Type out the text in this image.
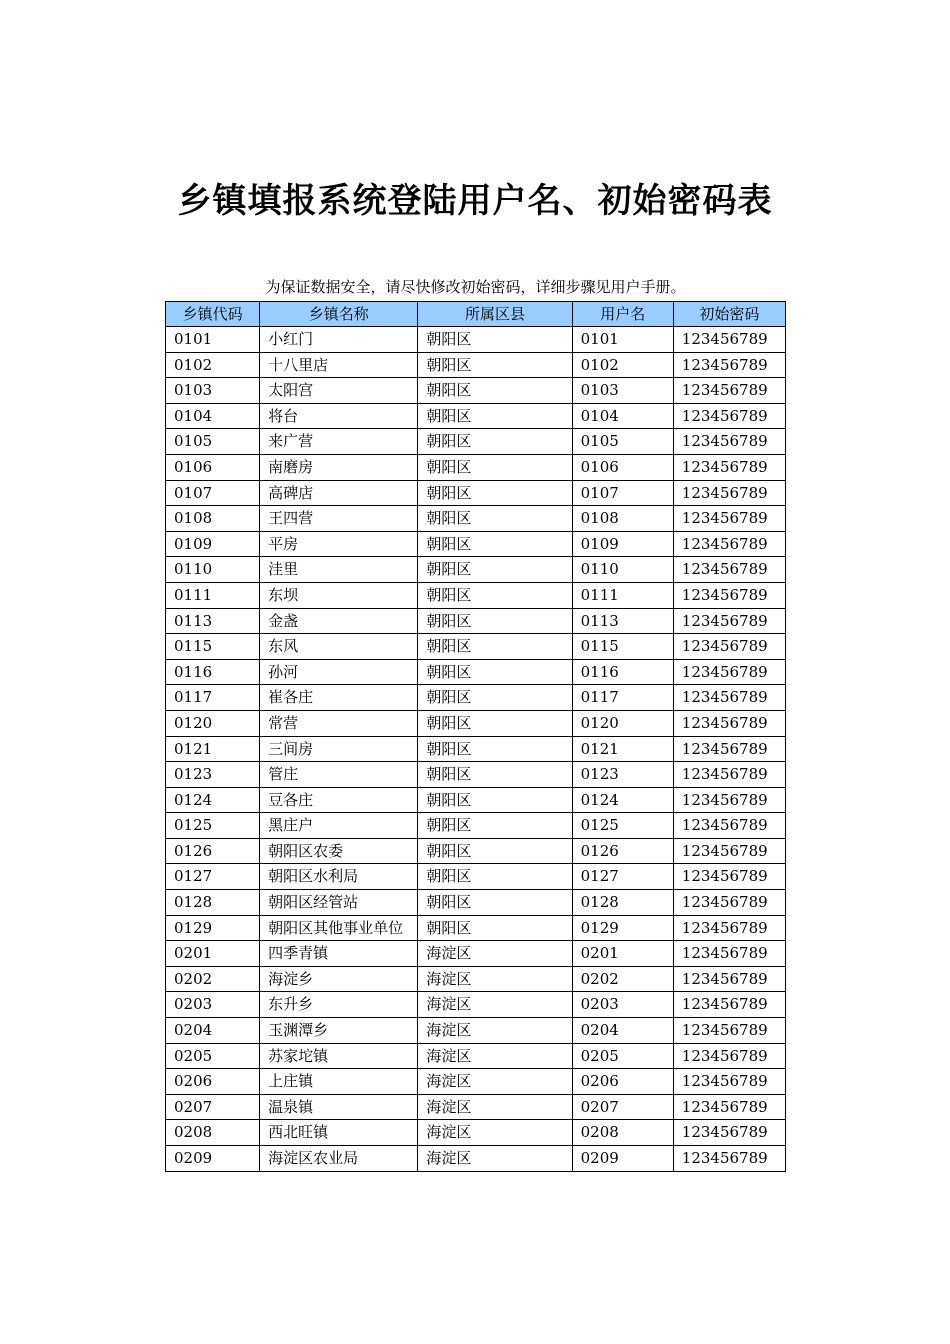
乡镇填报系统登陆用户名、初始密码表
为保证数据安全，请尽快修改初始密码，详细步骤见用户手册。
乡镇代码	乡镇名称	所属区县	用户名	初始密码
0101	小红门	朝阳区	0101	123456789
0102	十八里店	朝阳区	0102	123456789
0103	太阳宫	朝阳区	0103	123456789
0104	将台	朝阳区	0104	123456789
0105	来广营	朝阳区	0105	123456789
0106	南磨房	朝阳区	0106	123456789
0107	高碑店	朝阳区	0107	123456789
0108	王四营	朝阳区	0108	123456789
0109	平房	朝阳区	0109	123456789
0110	洼里	朝阳区	0110	123456789
0111	东坝	朝阳区	0111	123456789
0113	金盏	朝阳区	0113	123456789
0115	东风	朝阳区	0115	123456789
0116	孙河	朝阳区	0116	123456789
0117	崔各庄	朝阳区	0117	123456789
0120	常营	朝阳区	0120	123456789
0121	三间房	朝阳区	0121	123456789
0123	管庄	朝阳区	0123	123456789
0124	豆各庄	朝阳区	0124	123456789
0125	黑庄户	朝阳区	0125	123456789
0126	朝阳区农委	朝阳区	0126	123456789
0127	朝阳区水利局	朝阳区	0127	123456789
0128	朝阳区经管站	朝阳区	0128	123456789
0129	朝阳区其他事业单位	朝阳区	0129	123456789
0201	四季青镇	海淀区	0201	123456789
0202	海淀乡	海淀区	0202	123456789
0203	东升乡	海淀区	0203	123456789
0204	玉渊潭乡	海淀区	0204	123456789
0205	苏家坨镇	海淀区	0205	123456789
0206	上庄镇	海淀区	0206	123456789
0207	温泉镇	海淀区	0207	123456789
0208	西北旺镇	海淀区	0208	123456789
0209	海淀区农业局	海淀区	0209	123456789
